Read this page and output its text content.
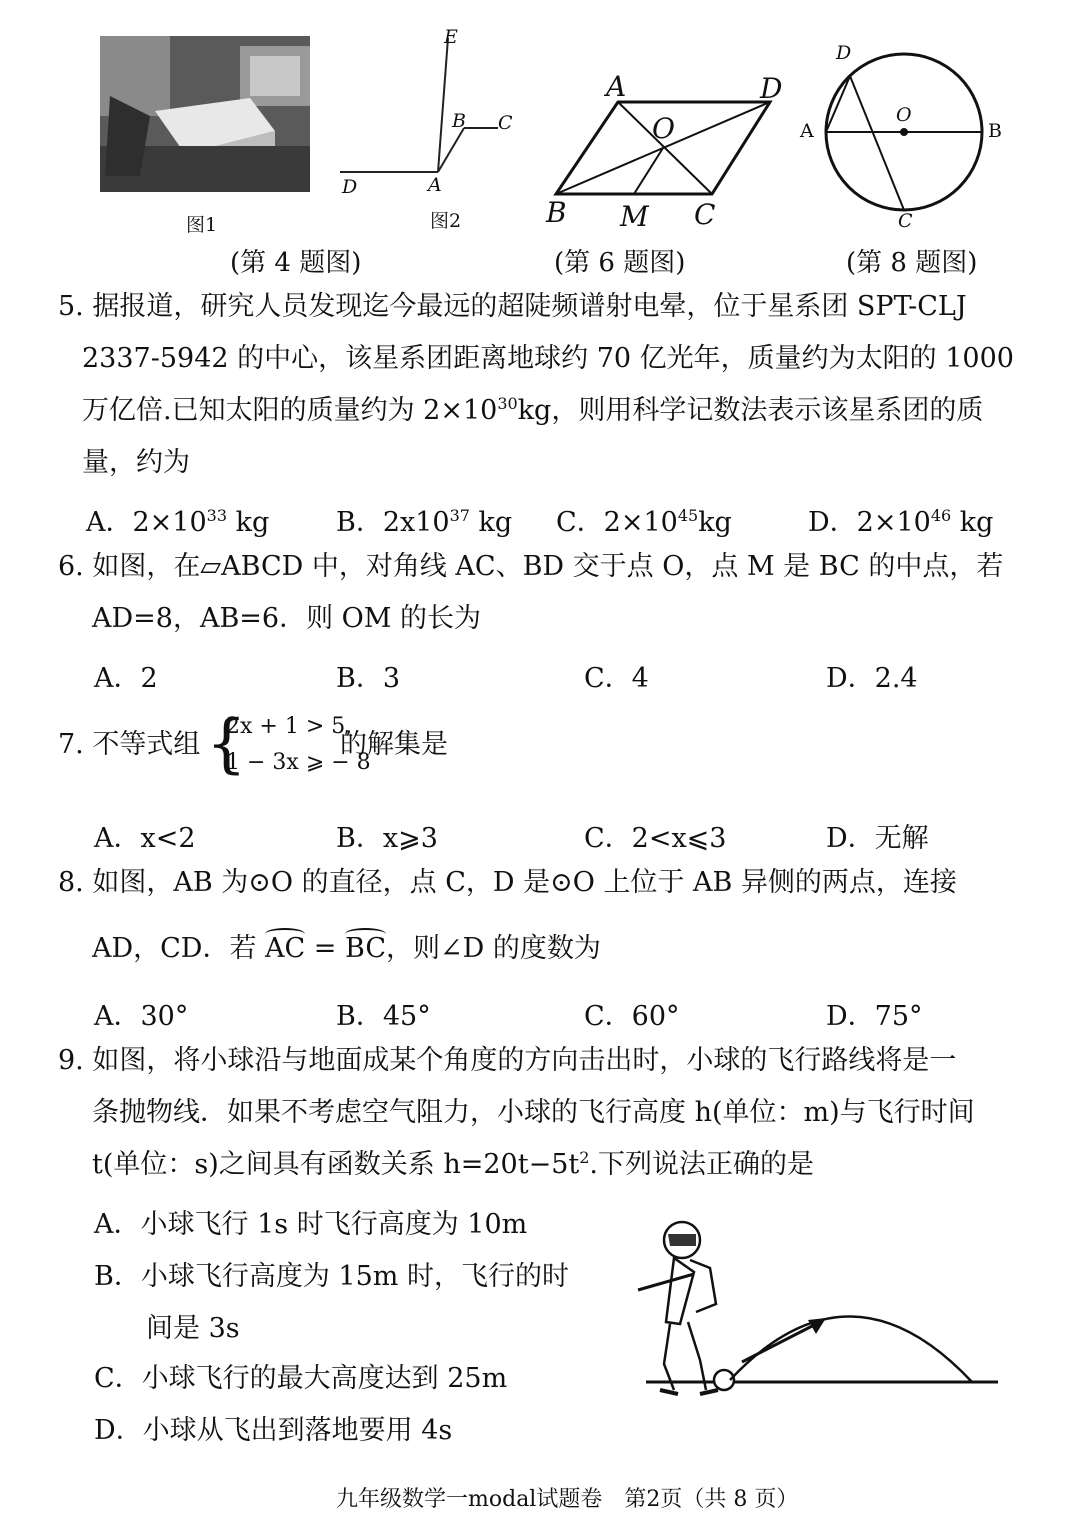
图1
E
B C
D	A
图2
(第 4 题图)
A	D
O
B M C
(第 6 题图)
D
O
A	B
C
(第 8 题图)
5. 据报道，研究人员发现迄今最远的超陡频谱射电晕，位于星系团 SPT-CLJ
2337-5942 的中心，该星系团距离地球约 70 亿光年，质量约为太阳的 1000
万亿倍.已知太阳的质量约为 $2\times 10^{30}kg$，则用科学记数法表示该星系团的质
量，约为
A．$2\times 10^{33}$ kg B．$2x10^{37}$ kg C．$2\times 10^{45}kg$	D．$2\times 10^{46}$ kg
6. 如图，在▱ABCD 中，对角线 AC、BD 交于点 O，点 M 是 BC 的中点，若
AD=8，AB=6．则 OM 的长为
A．2	B．3	C．4	D．2.4
7. 不等式组 {
2x + 1 > 5,
1 − 3x ⩾ − 8
的解集是
A．x<2	B．x⩾3	C．2<x⩽3	D．无解
8. 如图，AB 为⊙O 的直径，点 C，D 是⊙O 上位于 AB 异侧的两点，连接
AD，CD．若 AC = BC，则∠D 的度数为
A．30°	B．45°	C．60°	D．75°
9. 如图，将小球沿与地面成某个角度的方向击出时，小球的飞行路线将是一
条抛物线．如果不考虑空气阻力，小球的飞行高度 h(单位：m)与飞行时间
t(单位：s)之间具有函数关系 $h=20t-5t^2$.下列说法正确的是
A．小球飞行 1s 时飞行高度为 10m
B．小球飞行高度为 15m 时，飞行的时
间是 3s
C．小球飞行的最大高度达到 25m
D．小球从飞出到落地要用 4s
九年级数学一modal试题卷　第2页（共 8 页）
